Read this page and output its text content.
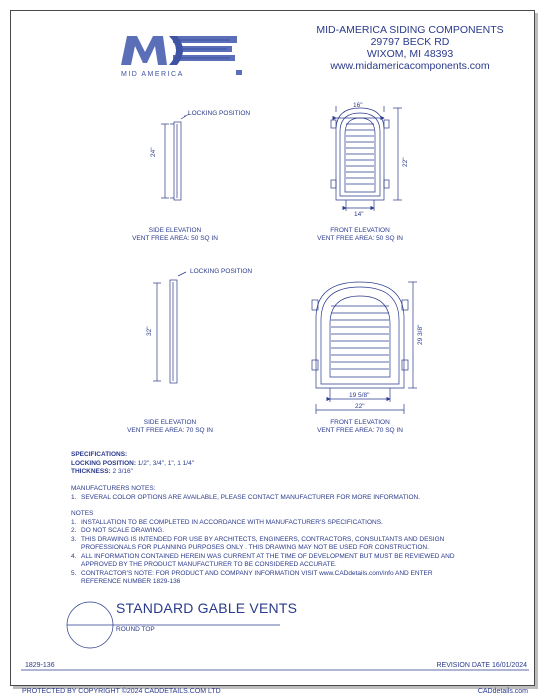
MID AMERICA
MID-AMERICA SIDING COMPONENTS
29797 BECK RD
WIXOM, MI 48393
www.midamericacomponents.com
LOCKING POSITION
24"
SIDE ELEVATION
VENT FREE AREA: 50 SQ IN
16"
22"
14"
FRONT ELEVATION
VENT FREE AREA: 50 SQ IN
LOCKING POSITION
32"
SIDE ELEVATION
VENT FREE AREA: 70 SQ IN
29 3/8"
19 5/8"
22"
FRONT ELEVATION
VENT FREE AREA: 70 SQ IN
SPECIFICATIONS:
LOCKING POSITION: 1/2", 3/4", 1", 1 1/4"
THICKNESS: 2 3/16"
MANUFACTURERS NOTES:
1. SEVERAL COLOR OPTIONS ARE AVAILABLE, PLEASE CONTACT MANUFACTURER FOR MORE INFORMATION.
NOTES
1. INSTALLATION TO BE COMPLETED IN ACCORDANCE WITH MANUFACTURER'S SPECIFICATIONS.
2. DO NOT SCALE DRAWING.
3. THIS DRAWING IS INTENDED FOR USE BY ARCHITECTS, ENGINEERS, CONTRACTORS, CONSULTANTS AND DESIGN
PROFESSIONALS FOR PLANNING PURPOSES ONLY . THIS DRAWING MAY NOT BE USED FOR CONSTRUCTION.
4. ALL INFORMATION CONTAINED HEREIN WAS CURRENT AT THE TIME OF DEVELOPMENT BUT MUST BE REVIEWED AND
APPROVED BY THE PRODUCT MANUFACTURER TO BE CONSIDERED ACCURATE.
5. CONTRACTOR'S NOTE: FOR PRODUCT AND COMPANY INFORMATION VISIT www.CADdetails.com/info AND ENTER
REFERENCE NUMBER 1829-136
STANDARD GABLE VENTS
ROUND TOP
1829-136	REVISION DATE 16/01/2024
PROTECTED BY COPYRIGHT ©2024 CADDETAILS.COM LTD	CADdetails.com
